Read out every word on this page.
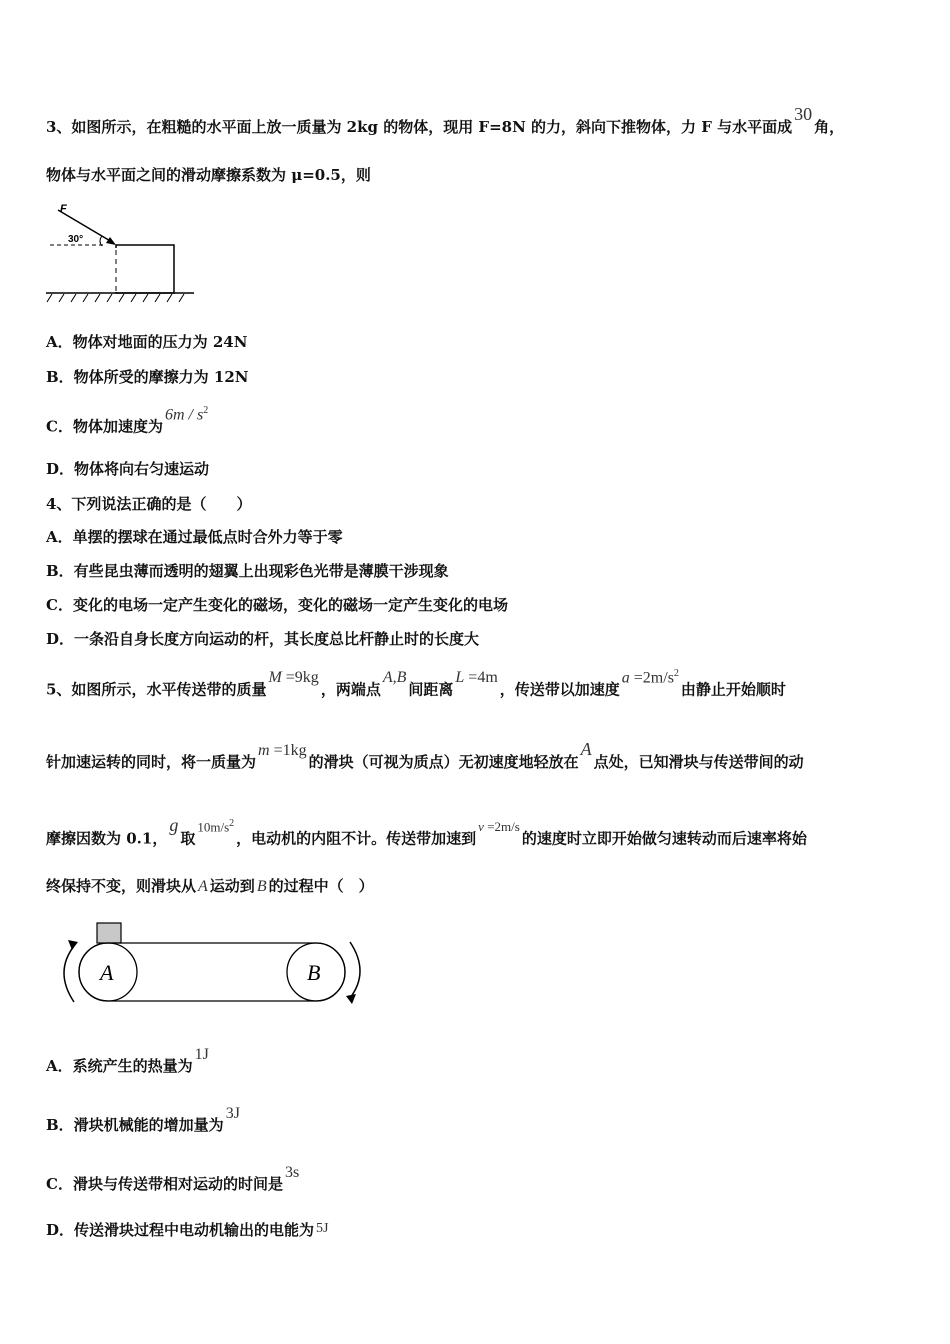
3、如图所示，在粗糙的水平面上放一质量为 2kg 的物体，现用 F=8N 的力，斜向下推物体，力 F 与水平面成30角，
物体与水平面之间的滑动摩擦系数为 μ=0.5，则
F
30°
A．物体对地面的压力为 24N
B．物体所受的摩擦力为 12N
C．物体加速度为$6m / s^2$
D．物体将向右匀速运动
4、下列说法正确的是（　　）
A．单摆的摆球在通过最低点时合外力等于零
B．有些昆虫薄而透明的翅翼上出现彩色光带是薄膜干涉现象
C．变化的电场一定产生变化的磁场，变化的磁场一定产生变化的电场
D．一条沿自身长度方向运动的杆，其长度总比杆静止时的长度大
5、如图所示，水平传送带的质量M =9kg，两端点A,B间距离L =4m，传送带以加速度$a =2m/s^2$由静止开始顺时
针加速运转的同时，将一质量为m =1kg的滑块（可视为质点）无初速度地轻放在A点处，已知滑块与传送带间的动
摩擦因数为 0.1，g取$10m/s^2$，电动机的内阻不计。传送带加速到v =2m/s的速度时立即开始做匀速转动而后速率将始
终保持不变，则滑块从 A 运动到 B 的过程中（　）
A	B
A．系统产生的热量为1J
B．滑块机械能的增加量为3J
C．滑块与传送带相对运动的时间是3s
D．传送滑块过程中电动机输出的电能为 5J
